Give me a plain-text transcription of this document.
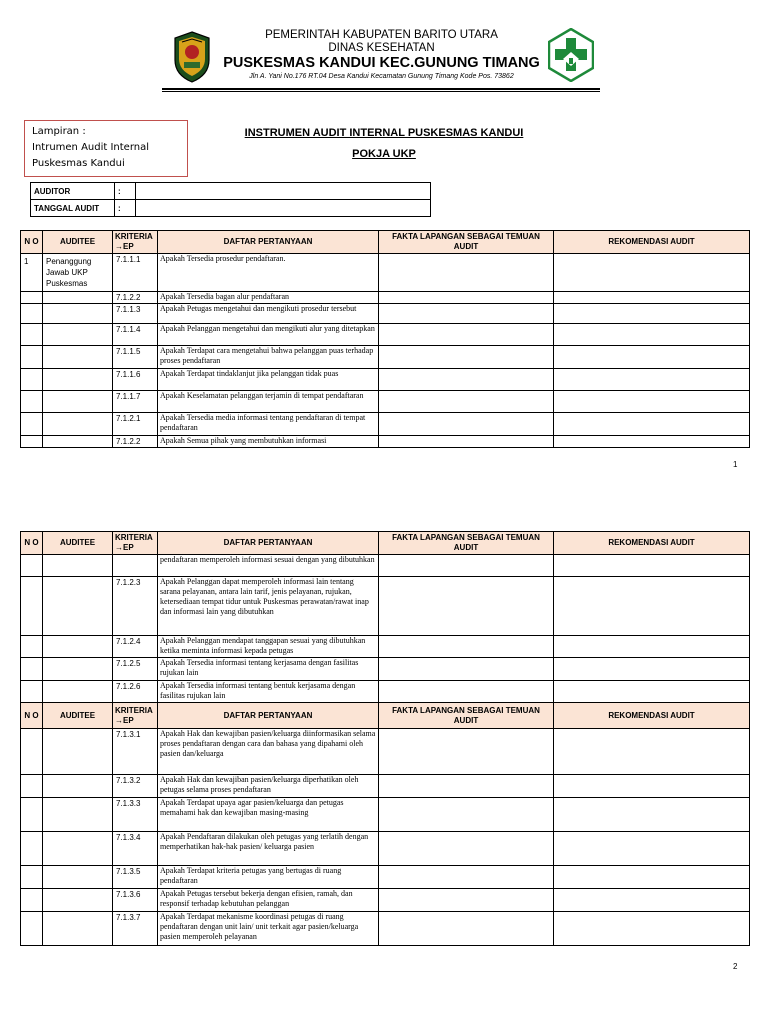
PEMERINTAH KABUPATEN BARITO UTARA
DINAS KESEHATAN
PUSKESMAS KANDUI KEC.GUNUNG TIMANG
Jln A. Yani No.176 RT.04 Desa Kandui Kecamatan Gunung Timang Kode Pos. 73862
Lampiran :
Intrumen Audit Internal
Puskesmas Kandui
INSTRUMEN AUDIT INTERNAL PUSKESMAS KANDUI
POKJA UKP
AUDITOR	:	
TANGGAL AUDIT	:	
N O	AUDITEE	KRITERIA →EP	DAFTAR PERTANYAAN	FAKTA LAPANGAN SEBAGAI TEMUAN AUDIT	REKOMENDASI AUDIT
1	Penanggung Jawab UKP Puskesmas	7.1.1.1	Apakah Tersedia prosedur pendaftaran.		
		7.1.2.2	Apakah Tersedia bagan alur pendaftaran		
		7.1.1.3	Apakah Petugas mengetahui dan mengikuti prosedur tersebut		
		7.1.1.4	Apakah Pelanggan mengetahui dan mengikuti alur yang ditetapkan		
		7.1.1.5	Apakah Terdapat cara mengetahui bahwa pelanggan puas terhadap proses pendaftaran		
		7.1.1.6	Apakah Terdapat tindaklanjut jika pelanggan tidak puas		
		7.1.1.7	Apakah Keselamatan pelanggan terjamin di tempat pendaftaran		
		7.1.2.1	Apakah Tersedia media informasi tentang pendaftaran di tempat pendaftaran		
		7.1.2.2	Apakah Semua pihak yang membutuhkan informasi		
1
N O	AUDITEE	KRITERIA →EP	DAFTAR PERTANYAAN	FAKTA LAPANGAN SEBAGAI TEMUAN AUDIT	REKOMENDASI AUDIT
			pendaftaran memperoleh informasi sesuai dengan yang dibutuhkan		
		7.1.2.3	Apakah Pelanggan dapat memperoleh informasi lain tentang sarana pelayanan, antara lain tarif, jenis pelayanan, rujukan, ketersediaan tempat tidur untuk Puskesmas perawatan/rawat inap dan informasi lain yang dibutuhkan		
		7.1.2.4	Apakah Pelanggan mendapat tanggapan sesuai yang dibutuhkan ketika meminta informasi kepada petugas		
		7.1.2.5	Apakah Tersedia informasi tentang kerjasama dengan fasilitas rujukan lain		
		7.1.2.6	Apakah Tersedia informasi tentang bentuk kerjasama dengan fasilitas rujukan lain		
N O	AUDITEE	KRITERIA →EP	DAFTAR PERTANYAAN	FAKTA LAPANGAN SEBAGAI TEMUAN AUDIT	REKOMENDASI AUDIT
		7.1.3.1	Apakah Hak dan kewajiban pasien/keluarga diinformasikan selama proses pendaftaran dengan cara dan bahasa yang dipahami oleh pasien dan/keluarga		
		7.1.3.2	Apakah Hak dan kewajiban pasien/keluarga diperhatikan oleh petugas selama proses pendaftaran		
		7.1.3.3	Apakah Terdapat upaya agar pasien/keluarga dan petugas memahami hak dan kewajiban masing-masing		
		7.1.3.4	Apakah Pendaftaran dilakukan oleh petugas yang terlatih dengan memperhatikan hak-hak pasien/ keluarga pasien		
		7.1.3.5	Apakah Terdapat kriteria petugas yang bertugas di ruang pendaftaran		
		7.1.3.6	Apakah Petugas tersebut bekerja dengan efisien, ramah, dan responsif terhadap kebutuhan pelanggan		
		7.1.3.7	Apakah Terdapat mekanisme koordinasi petugas di ruang pendaftaran dengan unit lain/ unit terkait agar pasien/keluarga pasien memperoleh pelayanan		
2
